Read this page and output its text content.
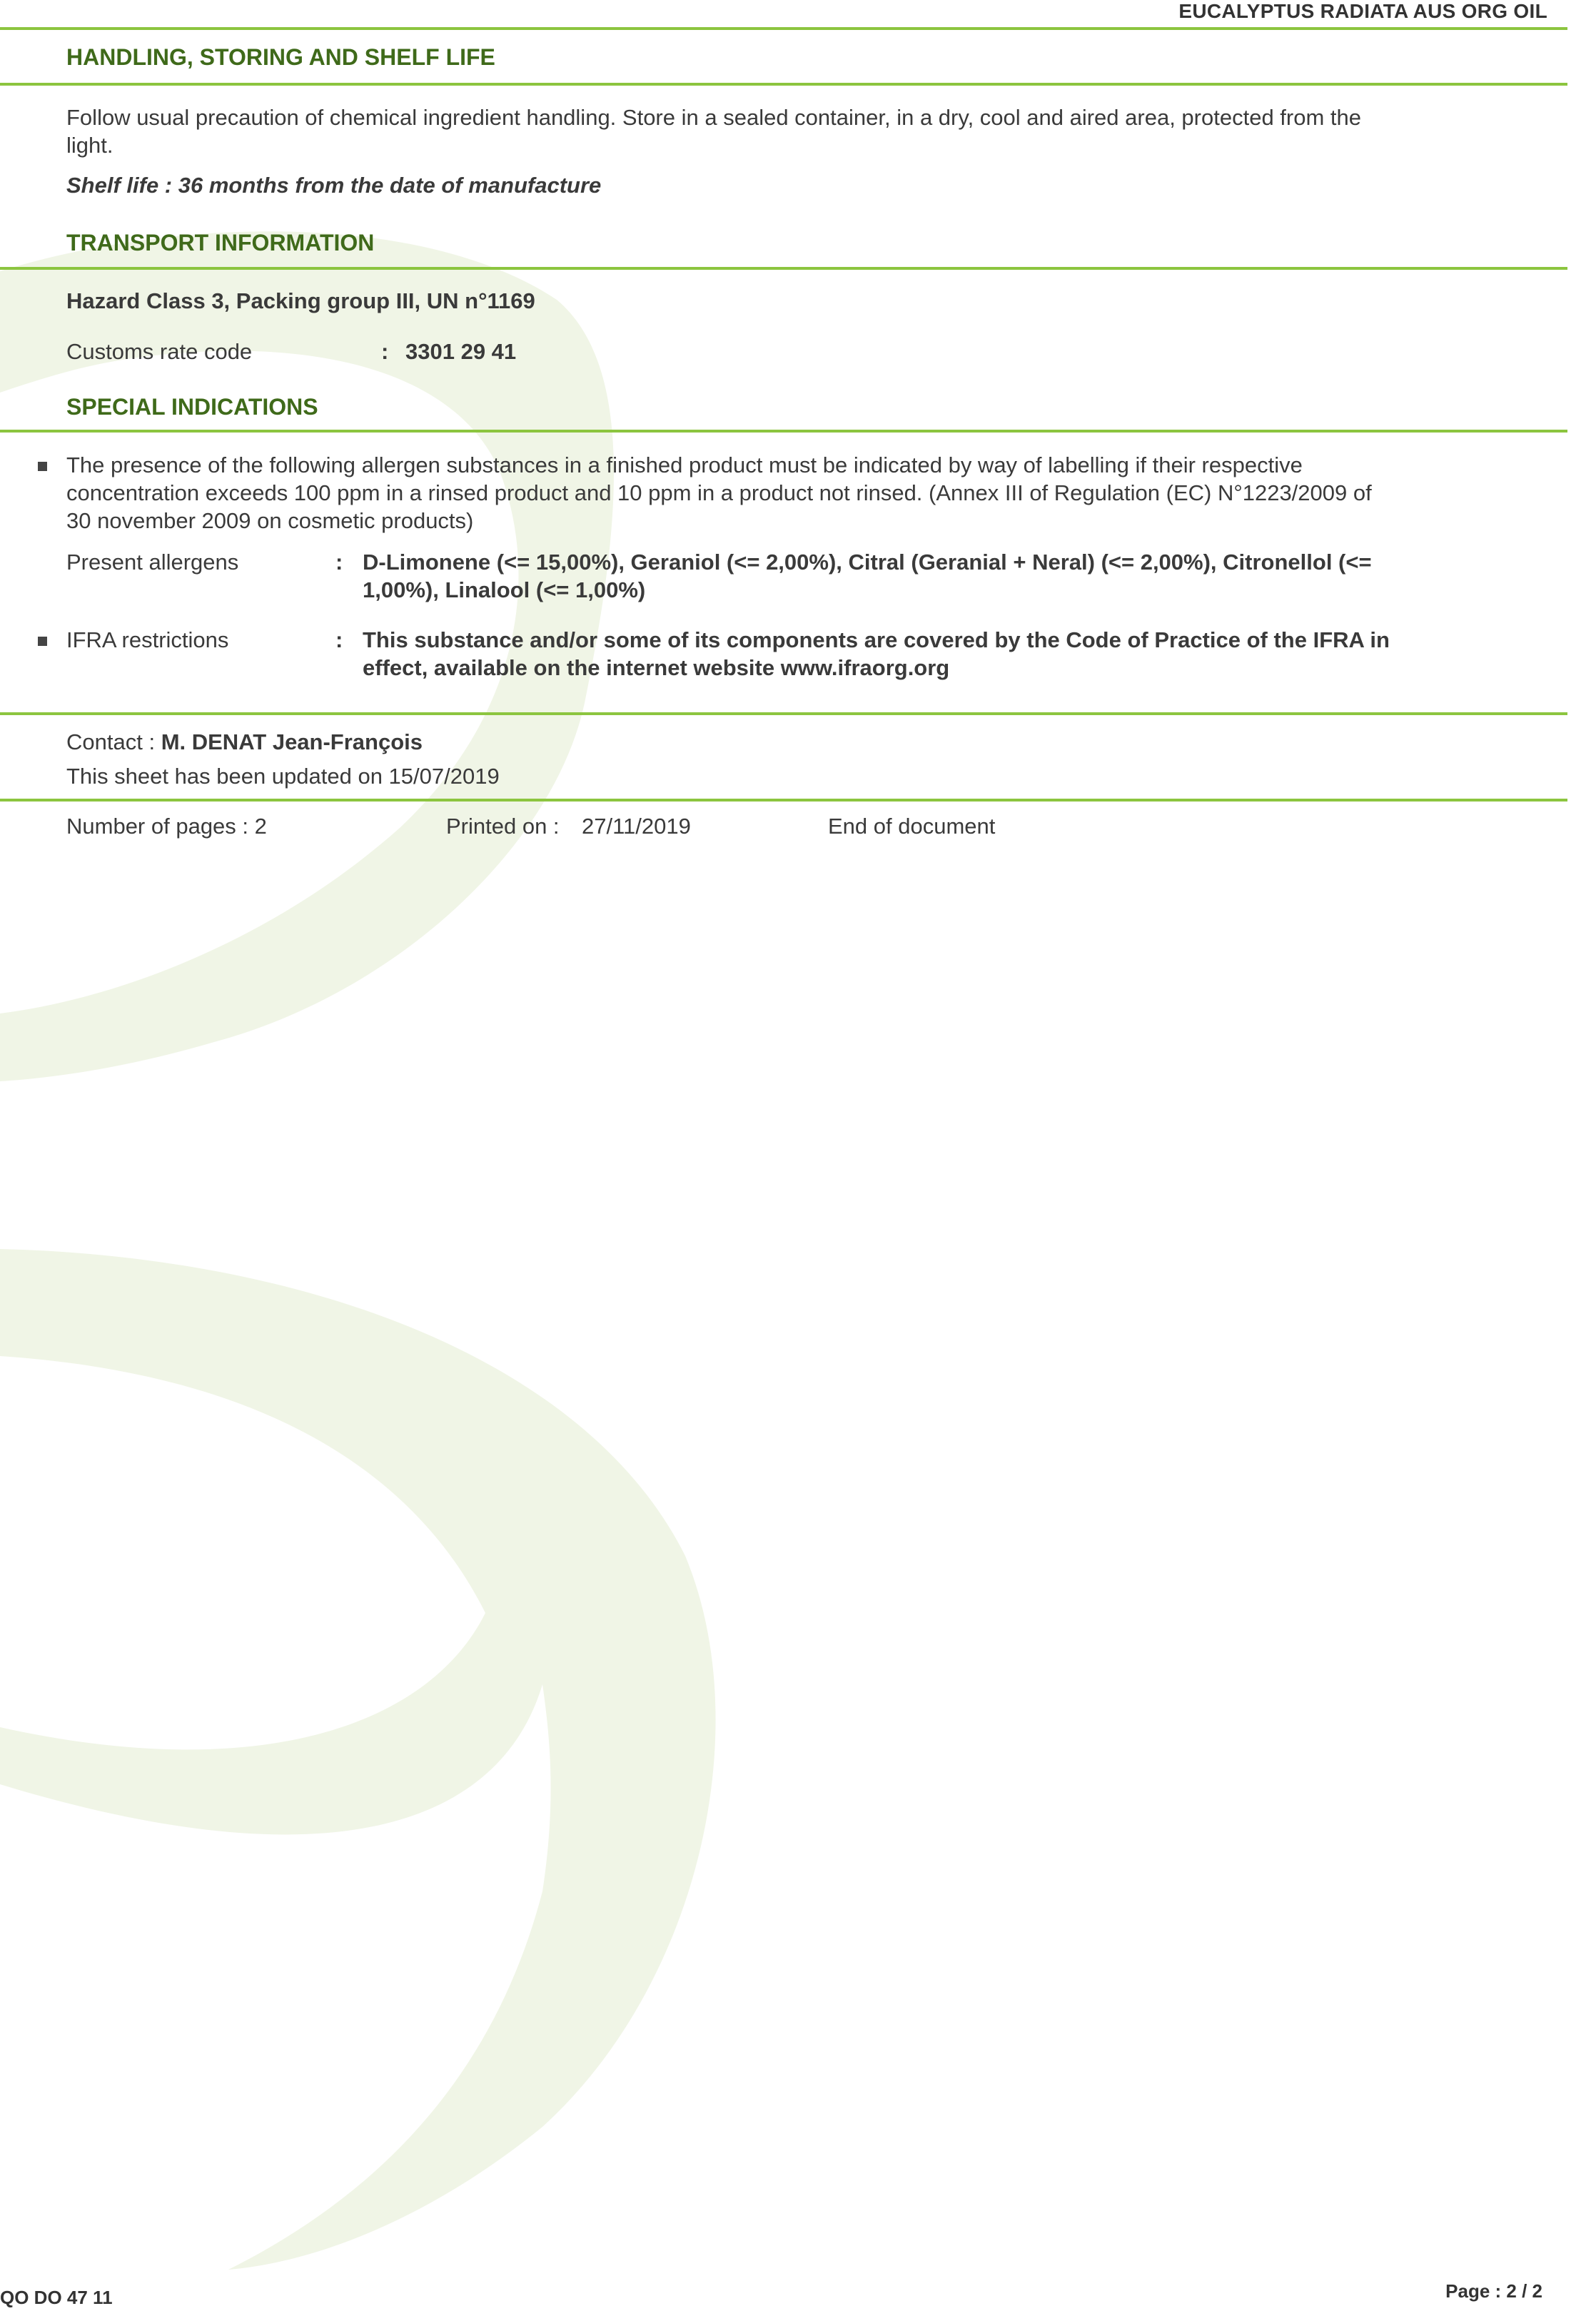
EUCALYPTUS RADIATA AUS ORG OIL
HANDLING, STORING AND SHELF LIFE
Follow usual precaution of chemical ingredient handling. Store in a sealed container, in a dry, cool and aired area, protected from the
light.
Shelf life : 36 months from the date of manufacture
TRANSPORT INFORMATION
Hazard Class 3, Packing group III, UN n°1169
Customs rate code	: 3301 29 41
SPECIAL INDICATIONS
The presence of the following allergen substances in a finished product must be indicated by way of labelling if their respective
concentration exceeds 100 ppm in a rinsed product and 10 ppm in a product not rinsed. (Annex III of Regulation (EC) N°1223/2009 of
30 november 2009 on cosmetic products)
Present allergens	: D-Limonene (<= 15,00%), Geraniol (<= 2,00%), Citral (Geranial + Neral) (<= 2,00%), Citronellol (<=
1,00%), Linalool (<= 1,00%)
IFRA restrictions	: This substance and/or some of its components are covered by the Code of Practice of the IFRA in
effect, available on the internet website www.ifraorg.org
Contact : M. DENAT Jean-François
This sheet has been updated on 15/07/2019
Number of pages : 2	Printed on : 27/11/2019	End of document
QO DO 47 11	Page : 2 / 2
